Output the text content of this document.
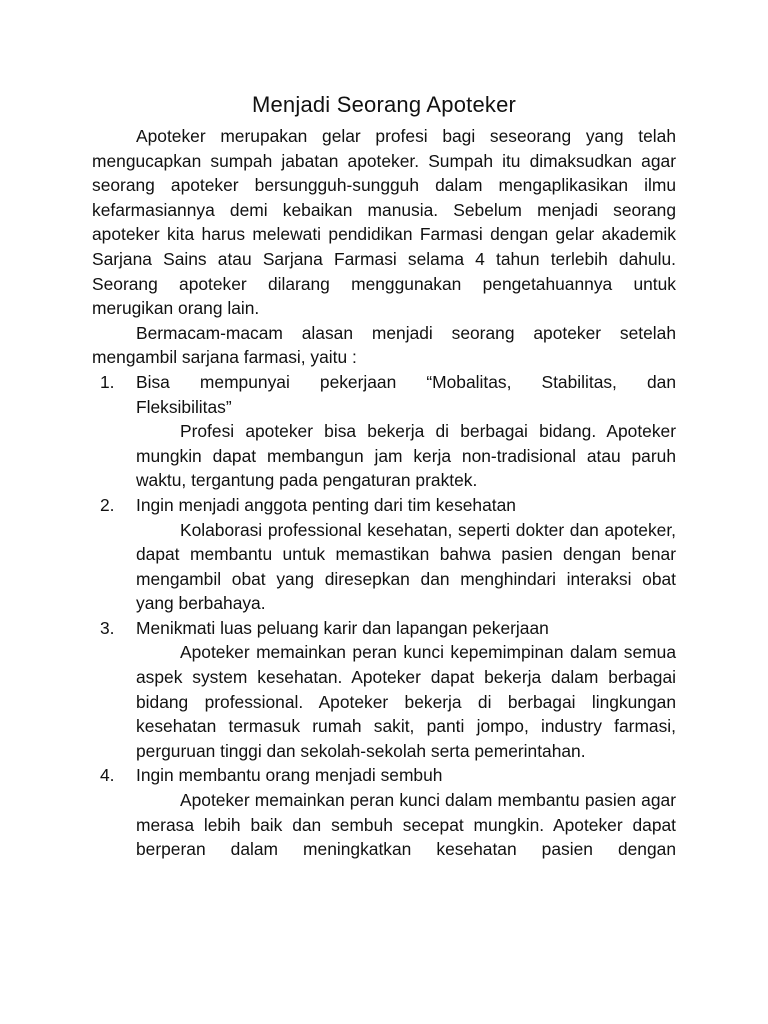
Menjadi Seorang Apoteker

Apoteker merupakan gelar profesi bagi seseorang yang telah mengucapkan sumpah jabatan apoteker. Sumpah itu dimaksudkan agar seorang apoteker bersungguh-sungguh dalam mengaplikasikan ilmu kefarmasiannya demi kebaikan manusia. Sebelum menjadi seorang apoteker kita harus melewati pendidikan Farmasi dengan gelar akademik Sarjana Sains atau Sarjana Farmasi selama 4 tahun terlebih dahulu. Seorang apoteker dilarang menggunakan pengetahuannya untuk merugikan orang lain.

Bermacam-macam alasan menjadi seorang apoteker setelah mengambil sarjana farmasi, yaitu :

1.	Bisa mempunyai pekerjaan “Mobalitas, Stabilitas, dan
Fleksibilitas”
Profesi apoteker bisa bekerja di berbagai bidang. Apoteker mungkin dapat membangun jam kerja non-tradisional atau paruh waktu, tergantung pada pengaturan praktek.
2.	Ingin menjadi anggota penting dari tim kesehatan
Kolaborasi professional kesehatan, seperti dokter dan apoteker, dapat membantu untuk memastikan bahwa pasien dengan benar mengambil obat yang diresepkan dan menghindari interaksi obat yang berbahaya.
3.	Menikmati luas peluang karir dan lapangan pekerjaan
Apoteker memainkan peran kunci kepemimpinan dalam semua aspek system kesehatan. Apoteker dapat bekerja dalam berbagai bidang professional. Apoteker bekerja di berbagai lingkungan kesehatan termasuk rumah sakit, panti jompo, industry farmasi, perguruan tinggi dan sekolah-sekolah serta pemerintahan.
4.	Ingin membantu orang menjadi sembuh
Apoteker memainkan peran kunci dalam membantu pasien agar merasa lebih baik dan sembuh secepat mungkin. Apoteker dapat berperan dalam meningkatkan kesehatan pasien dengan
